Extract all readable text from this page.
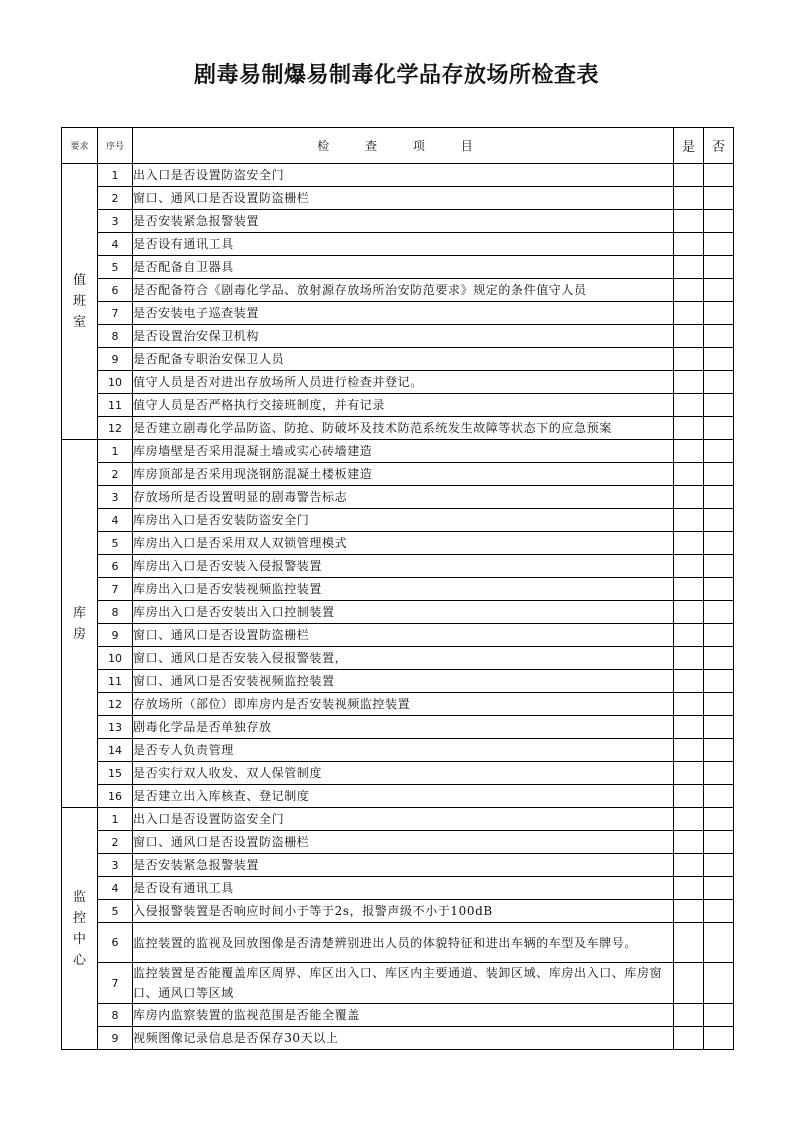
剧毒易制爆易制毒化学品存放场所检查表
要求	序号	检 查 项 目	是	否
值班室	1	出入口是否设置防盗安全门		
	2	窗口、通风口是否设置防盗栅栏		
	3	是否安装紧急报警装置		
	4	是否设有通讯工具		
	5	是否配备自卫器具		
	6	是否配备符合《剧毒化学品、放射源存放场所治安防范要求》规定的条件值守人员		
	7	是否安装电子巡查装置		
	8	是否设置治安保卫机构		
	9	是否配备专职治安保卫人员		
	10	值守人员是否对进出存放场所人员进行检查并登记。		
	11	值守人员是否严格执行交接班制度，并有记录		
	12	是否建立剧毒化学品防盗、防抢、防破坏及技术防范系统发生故障等状态下的应急预案		
库房	1	库房墙壁是否采用混凝土墙或实心砖墙建造		
	2	库房顶部是否采用现浇钢筋混凝土楼板建造		
	3	存放场所是否设置明显的剧毒警告标志		
	4	库房出入口是否安装防盗安全门		
	5	库房出入口是否采用双人双锁管理模式		
	6	库房出入口是否安装入侵报警装置		
	7	库房出入口是否安装视频监控装置		
	8	库房出入口是否安装出入口控制装置		
	9	窗口、通风口是否设置防盗栅栏		
	10	窗口、通风口是否安装入侵报警装置，		
	11	窗口、通风口是否安装视频监控装置		
	12	存放场所（部位）即库房内是否安装视频监控装置		
	13	剧毒化学品是否单独存放		
	14	是否专人负责管理		
	15	是否实行双人收发、双人保管制度		
	16	是否建立出入库核查、登记制度		
监控中心	1	出入口是否设置防盗安全门		
	2	窗口、通风口是否设置防盗栅栏		
	3	是否安装紧急报警装置		
	4	是否设有通讯工具		
	5	入侵报警装置是否响应时间小于等于2s，报警声级不小于100dB		
	6	监控装置的监视及回放图像是否清楚辨别进出人员的体貌特征和进出车辆的车型及车牌号。		
	7	监控装置是否能覆盖库区周界、库区出入口、库区内主要通道、装卸区域、库房出入口、库房窗口、通风口等区域		
	8	库房内监察装置的监视范围是否能全覆盖		
	9	视频图像记录信息是否保存30天以上		
